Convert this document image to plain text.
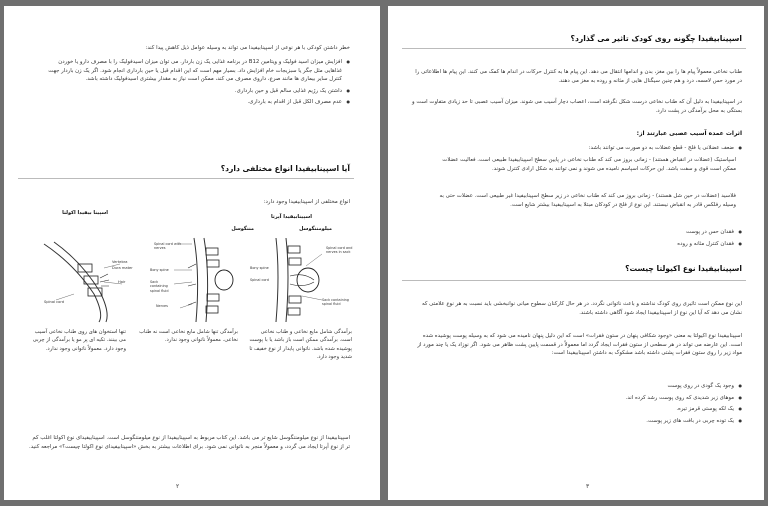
خطر داشتن کودکی با هر نوعی از اسپینابیفیدا می تواند به وسیله عوامل ذیل کاهش پیدا کند:

● افزایش میزان اسید فولیک و ویتامین B12 در برنامه غذایی یک زن باردار. می توان میزان اسیدفولیک را با مصرف دارو یا خوردن غذاهایی مثل جگر یا سبزیجات خام افزایش داد. بسیار مهم است که این اقدام قبل یا حین بارداری انجام شود. اگر یک زن باردار جهت کنترل سایر بیماری ها مانند صرع، داروی مصرف می کند، ممکن است نیاز به مقدار بیشتری اسیدفولیک داشته باشد.
● داشتن یک رژیم غذایی سالم قبل و حین بارداری.
● عدم مصرف الکل قبل از اقدام به بارداری.
آیا اسپینابیفیدا انواع مختلفی دارد؟

انواع مختلفی از اسپینابیفیدا وجود دارد:

اسپینابیفیدا آپرتا
اسپینا بیفیدا اکولتا
مننگوسل	میلومننگوسل
Vertebra
Dura mater
Hair
Spinal cord
Spinal cord with nerves
Bony spine
Sack containing spinal fluid
Nerves
Spinal cord and nerves in sack
Bony spine
Spinal cord
Sack containing spinal fluid

تنها استخوان های روی طناب نخاعی آسیب می بینند. تکیه ای پر مو یا برآمدگی از چربی وجود دارد. معمولاً ناتوانی وجود ندارد.

برآمدگی تنها شامل مایع نخاعی است نه طناب نخاعی. معمولاً ناتوانی وجود ندارد.

برآمدگی شامل مایع نخاعی و طناب نخاعی است. برآمدگی ممکن است باز باشد یا با پوست پوشیده شده باشد. ناتوانی پایدار از نوع خفیف تا شدید وجود دارد.

اسپینابیفیدا از نوع میلومننگوسل شایع تر می باشد. این کتاب مربوط به اسپینابیفیدا از نوع میلومننگوسل است. اسپینابیفیدای نوع اکولتا اغلب کم تر از نوع آپرتا ایجاد می گردد، و معمولاً منجر به ناتوانی نمی شود. برای اطلاعات بیشتر به بخش «اسپینابیفیدای نوع اکولتا چیست؟» مراجعه کنید.

۲
اسپینابیفیدا چگونه روی کودک تاثیر می گذارد؟

طناب نخاعی معمولاً پیام ها را بین مغز، بدن و اندامها انتقال می دهد. این پیام ها به کنترل حرکات در اندام ها کمک می کنند. این پیام ها اطلاعاتی را در مورد حس لامسه، درد و هم چنین سیگنال هایی از مثانه و روده به مغز می دهند.

در اسپینابیفیدا به دلیل آن که طناب نخاعی درست شکل نگرفته است، اعصاب دچار آسیب می شوند. میزان آسیب عصبی تا حد زیادی متفاوت است و بستگی به محل برآمدگی در پشت دارد.

اثرات عمده آسیب عصبی عبارتند از:
● ضعف عضلانی یا فلج - قطع عضلات به دو صورت می توانند باشد:

اسپاستیک (عضلات در انقباض هستند) - زمانی بروز می کند که طناب نخاعی در پایین سطح اسپینابیفیدا طبیعی است. فعالیت عضلات ممکن است قوی و سفت باشد. این حرکات اسپاسم نامیده می شوند و نمی توانند به شکل ارادی کنترل شوند.

فلاسید (عضلات در حین شل هستند) - زمانی بروز می کند که طناب نخاعی در زیر سطح اسپینابیفیدا غیر طبیعی است. عضلات حتی به وسیله رفلکس قادر به انقباض نیستند. این نوع از فلج در کودکان مبتلا به اسپینابیفیدا بیشتر شایع است.

● فقدان حس در پوست
● فقدان کنترل مثانه و روده
اسپینابیفیدا نوع اکیولتا چیست؟

این نوع ممکن است تاثیری روی کودک نداشته و باعث ناتوانی نگردد. در هر حال کارکنان سطوح میانی نوانبخشی باید نسبت به هر نوع علامتی که نشان می دهد که آیا این نوع از اسپینابیفیدا ایجاد شود آگاهی داشته باشند.

اسپینابیفیدا نوع اکیولتا به معنی «وجود شکافی پنهان در ستون فقرات» است که این دلیل پنهان نامیده می شود که به وسیله پوست پوشیده شده است. این عارضه می تواند در هر سطحی از ستون فقرات ایجاد گردد اما معمولاً در قسمت پایین پشت ظاهر می شود. اگر نوزاد یک یا چند مورد از مواد زیر را روی ستون فقرات پشتی داشته باشد مشکوک به داشتن اسپینابیفیدا است:

● وجود یک گودی در روی پوست
● موهای زبر شدیدی که روی پوست رشد کرده اند.
● یک لکه پوستی قرمز تیره.
● یک توده چربی در بافت های زیر پوست.
۳
